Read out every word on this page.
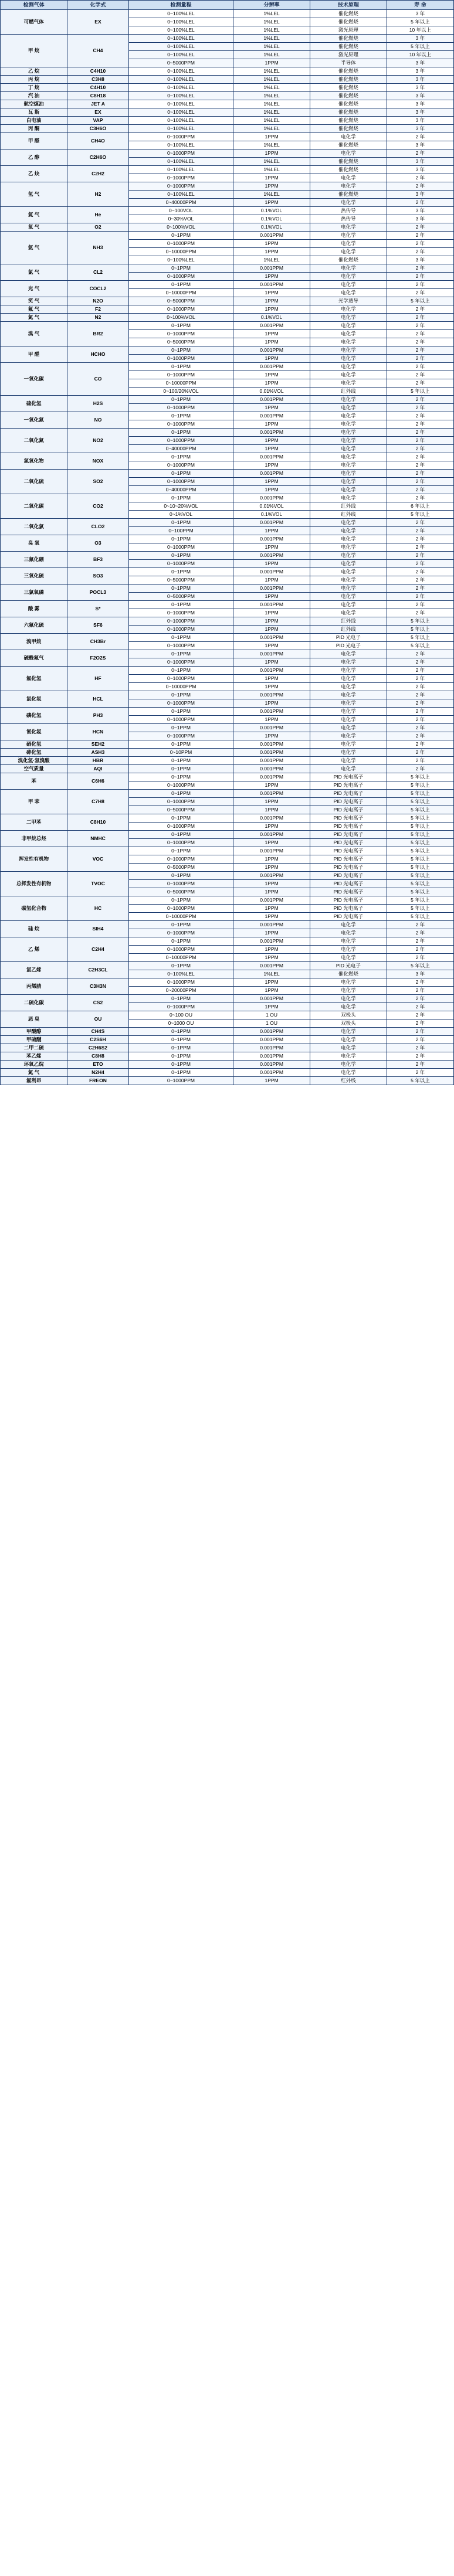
检测气体	化学式	检测量程	分辨率	技术原理	寿 命
可燃气体	EX	0~100%LEL	1%LEL	催化燃烧	3 年
		0~100%LEL	1%LEL	催化燃烧	5 年以上
		0~100%LEL	1%LEL	激光原理	10 年以上
甲 烷	CH4	0~100%LEL	1%LEL	催化燃烧	3 年
		0~100%LEL	1%LEL	催化燃烧	5 年以上
		0~100%LEL	1%LEL	激光原理	10 年以上
		0~5000PPM	1PPM	半导体	3 年
乙 烷	C4H10	0~100%LEL	1%LEL	催化燃烧	3 年
丙 烷	C3H8	0~100%LEL	1%LEL	催化燃烧	3 年
丁 烷	C4H10	0~100%LEL	1%LEL	催化燃烧	3 年
汽 油	C8H18	0~100%LEL	1%LEL	催化燃烧	3 年
航空煤油	JET A	0~100%LEL	1%LEL	催化燃烧	3 年
瓦 斯	EX	0~100%LEL	1%LEL	催化燃烧	3 年
白电油	VAP	0~100%LEL	1%LEL	催化燃烧	3 年
丙 酮	C3H6O	0~100%LEL	1%LEL	催化燃烧	3 年
甲 醛	CH4O	0~1000PPM	1PPM	电化学	2 年
		0~100%LEL	1%LEL	催化燃烧	3 年
乙 醇	C2H6O	0~1000PPM	1PPM	电化学	2 年
		0~100%LEL	1%LEL	催化燃烧	3 年
乙 炔	C2H2	0~100%LEL	1%LEL	催化燃烧	3 年
		0~1000PPM	1PPM	电化学	2 年
氢 气	H2	0~1000PPM	1PPM	电化学	2 年
		0~100%LEL	1%LEL	催化燃烧	3 年
		0~40000PPM	1PPM	电化学	2 年
氦 气	He	0~100VOL	0.1%VOL	热传导	3 年
		0~30%VOL	0.1%VOL	热传导	3 年
氧 气	O2	0~100%VOL	0.1%VOL	电化学	2 年
氨 气	NH3	0~1PPM	0.001PPM	电化学	2 年
		0~1000PPM	1PPM	电化学	2 年
		0~10000PPM	1PPM	电化学	2 年
		0~100%LEL	1%LEL	催化燃烧	3 年
氯 气	CL2	0~1PPM	0.001PPM	电化学	2 年
		0~1000PPM	1PPM	电化学	2 年
光 气	COCL2	0~1PPM	0.001PPM	电化学	2 年
		0~10000PPM	1PPM	电化学	2 年
笑 气	N2O	0~5000PPM	1PPM	光学透导	5 年以上
氟 气	F2	0~1000PPM	1PPM	电化学	2 年
氮 气	N2	0~100%VOL	0.1%VOL	电化学	2 年
溴 气	BR2	0~1PPM	0.001PPM	电化学	2 年
		0~1000PPM	1PPM	电化学	2 年
		0~5000PPM	1PPM	电化学	2 年
甲 醛	HCHO	0~1PPM	0.001PPM	电化学	2 年
		0~1000PPM	1PPM	电化学	2 年
一氧化碳	CO	0~1PPM	0.001PPM	电化学	2 年
		0~1000PPM	1PPM	电化学	2 年
		0~10000PPM	1PPM	电化学	2 年
		0~100/20%VOL	0.01%VOL	红外线	5 年以上
硫化氢	H2S	0~1PPM	0.001PPM	电化学	2 年
		0~1000PPM	1PPM	电化学	2 年
一氧化氮	NO	0~1PPM	0.001PPM	电化学	2 年
		0~1000PPM	1PPM	电化学	2 年
二氧化氮	NO2	0~1PPM	0.001PPM	电化学	2 年
		0~1000PPM	1PPM	电化学	2 年
		0~40000PPM	1PPM	电化学	2 年
氮氧化物	NOX	0~1PPM	0.001PPM	电化学	2 年
		0~1000PPM	1PPM	电化学	2 年
二氧化硫	SO2	0~1PPM	0.001PPM	电化学	2 年
		0~1000PPM	1PPM	电化学	2 年
		0~40000PPM	1PPM	电化学	2 年
二氧化碳	CO2	0~1PPM	0.001PPM	电化学	2 年
		0~10~20%VOL	0.01%VOL	红外线	6 年以上
		0~1%VOL	0.1%VOL	红外线	5 年以上
二氧化氯	CLO2	0~1PPM	0.001PPM	电化学	2 年
		0~100PPM	1PPM	电化学	2 年
臭 氧	O3	0~1PPM	0.001PPM	电化学	2 年
		0~1000PPM	1PPM	电化学	2 年
三氟化硼	BF3	0~1PPM	0.001PPM	电化学	2 年
		0~1000PPM	1PPM	电化学	2 年
三氧化硫	SO3	0~1PPM	0.001PPM	电化学	2 年
		0~5000PPM	1PPM	电化学	2 年
三氯氧磷	POCL3	0~1PPM	0.001PPM	电化学	2 年
		0~5000PPM	1PPM	电化学	2 年
酸 雾	S*	0~1PPM	0.001PPM	电化学	2 年
		0~1000PPM	1PPM	电化学	2 年
六氟化硫	SF6	0~1000PPM	1PPM	红外线	5 年以上
		0~1000PPM	1PPM	红外线	5 年以上
溴甲烷	CH3Br	0~1PPM	0.001PPM	PID 光电子	5 年以上
		0~1000PPM	1PPM	PID 光电子	5 年以上
硫酰氟气	F2O2S	0~1PPM	0.001PPM	电化学	2 年
		0~1000PPM	1PPM	电化学	2 年
氟化氢	HF	0~1PPM	0.001PPM	电化学	2 年
		0~1000PPM	1PPM	电化学	2 年
		0~10000PPM	1PPM	电化学	2 年
氯化氢	HCL	0~1PPM	0.001PPM	电化学	2 年
		0~1000PPM	1PPM	电化学	2 年
磷化氢	PH3	0~1PPM	0.001PPM	电化学	2 年
		0~1000PPM	1PPM	电化学	2 年
氰化氢	HCN	0~1PPM	0.001PPM	电化学	2 年
		0~1000PPM	1PPM	电化学	2 年
硒化氢	SEH2	0~1PPM	0.001PPM	电化学	2 年
砷化氢	ASH3	0~10PPM	0.001PPM	电化学	2 年
溴化氢·氢溴酸	HBR	0~1PPM	0.001PPM	电化学	2 年
空气质量	AQI	0~1PPM	0.001PPM	电化学	2 年
苯	C6H6	0~1PPM	0.001PPM	PID 光电离子	5 年以上
		0~1000PPM	1PPM	PID 光电离子	5 年以上
甲 苯	C7H8	0~1PPM	0.001PPM	PID 光电离子	5 年以上
		0~1000PPM	1PPM	PID 光电离子	5 年以上
		0~5000PPM	1PPM	PID 光电离子	5 年以上
二甲苯	C8H10	0~1PPM	0.001PPM	PID 光电离子	5 年以上
		0~1000PPM	1PPM	PID 光电离子	5 年以上
非甲烷总烃	NMHC	0~1PPM	0.001PPM	PID 光电离子	5 年以上
		0~1000PPM	1PPM	PID 光电离子	5 年以上
挥发性有机物	VOC	0~1PPM	0.001PPM	PID 光电离子	5 年以上
		0~1000PPM	1PPM	PID 光电离子	5 年以上
		0~5000PPM	1PPM	PID 光电离子	5 年以上
总挥发性有机物	TVOC	0~1PPM	0.001PPM	PID 光电离子	5 年以上
		0~1000PPM	1PPM	PID 光电离子	5 年以上
		0~5000PPM	1PPM	PID 光电离子	5 年以上
碳氢化合物	HC	0~1PPM	0.001PPM	PID 光电离子	5 年以上
		0~1000PPM	1PPM	PID 光电离子	5 年以上
		0~10000PPM	1PPM	PID 光电离子	5 年以上
硅 烷	SIH4	0~1PPM	0.001PPM	电化学	2 年
		0~1000PPM	1PPM	电化学	2 年
乙 烯	C2H4	0~1PPM	0.001PPM	电化学	2 年
		0~1000PPM	1PPM	电化学	2 年
		0~10000PPM	1PPM	电化学	2 年
氯乙烯	C2H3CL	0~1PPM	0.001PPM	PID 光电子	5 年以上
		0~100%LEL	1%LEL	催化燃烧	3 年
丙烯腈	C3H3N	0~1000PPM	1PPM	电化学	2 年
		0~20000PPM	1PPM	电化学	2 年
二硫化碳	CS2	0~1PPM	0.001PPM	电化学	2 年
		0~1000PPM	1PPM	电化学	2 年
恶 臭	OU	0~100 OU	1 OU	双极头	2 年
		0~1000 OU	1 OU	双极头	2 年
甲醚醇	CH4S	0~1PPM	0.001PPM	电化学	2 年
甲硫醚	C2S6H	0~1PPM	0.001PPM	电化学	2 年
二甲二硫	C2H6S2	0~1PPM	0.001PPM	电化学	2 年
苯乙烯	C8H8	0~1PPM	0.001PPM	电化学	2 年
环氧乙烷	ETO	0~1PPM	0.001PPM	电化学	2 年
氮 气	N2H4	0~1PPM	0.001PPM	电化学	2 年
氟利昂	FREON	0~1000PPM	1PPM	红外线	5 年以上
